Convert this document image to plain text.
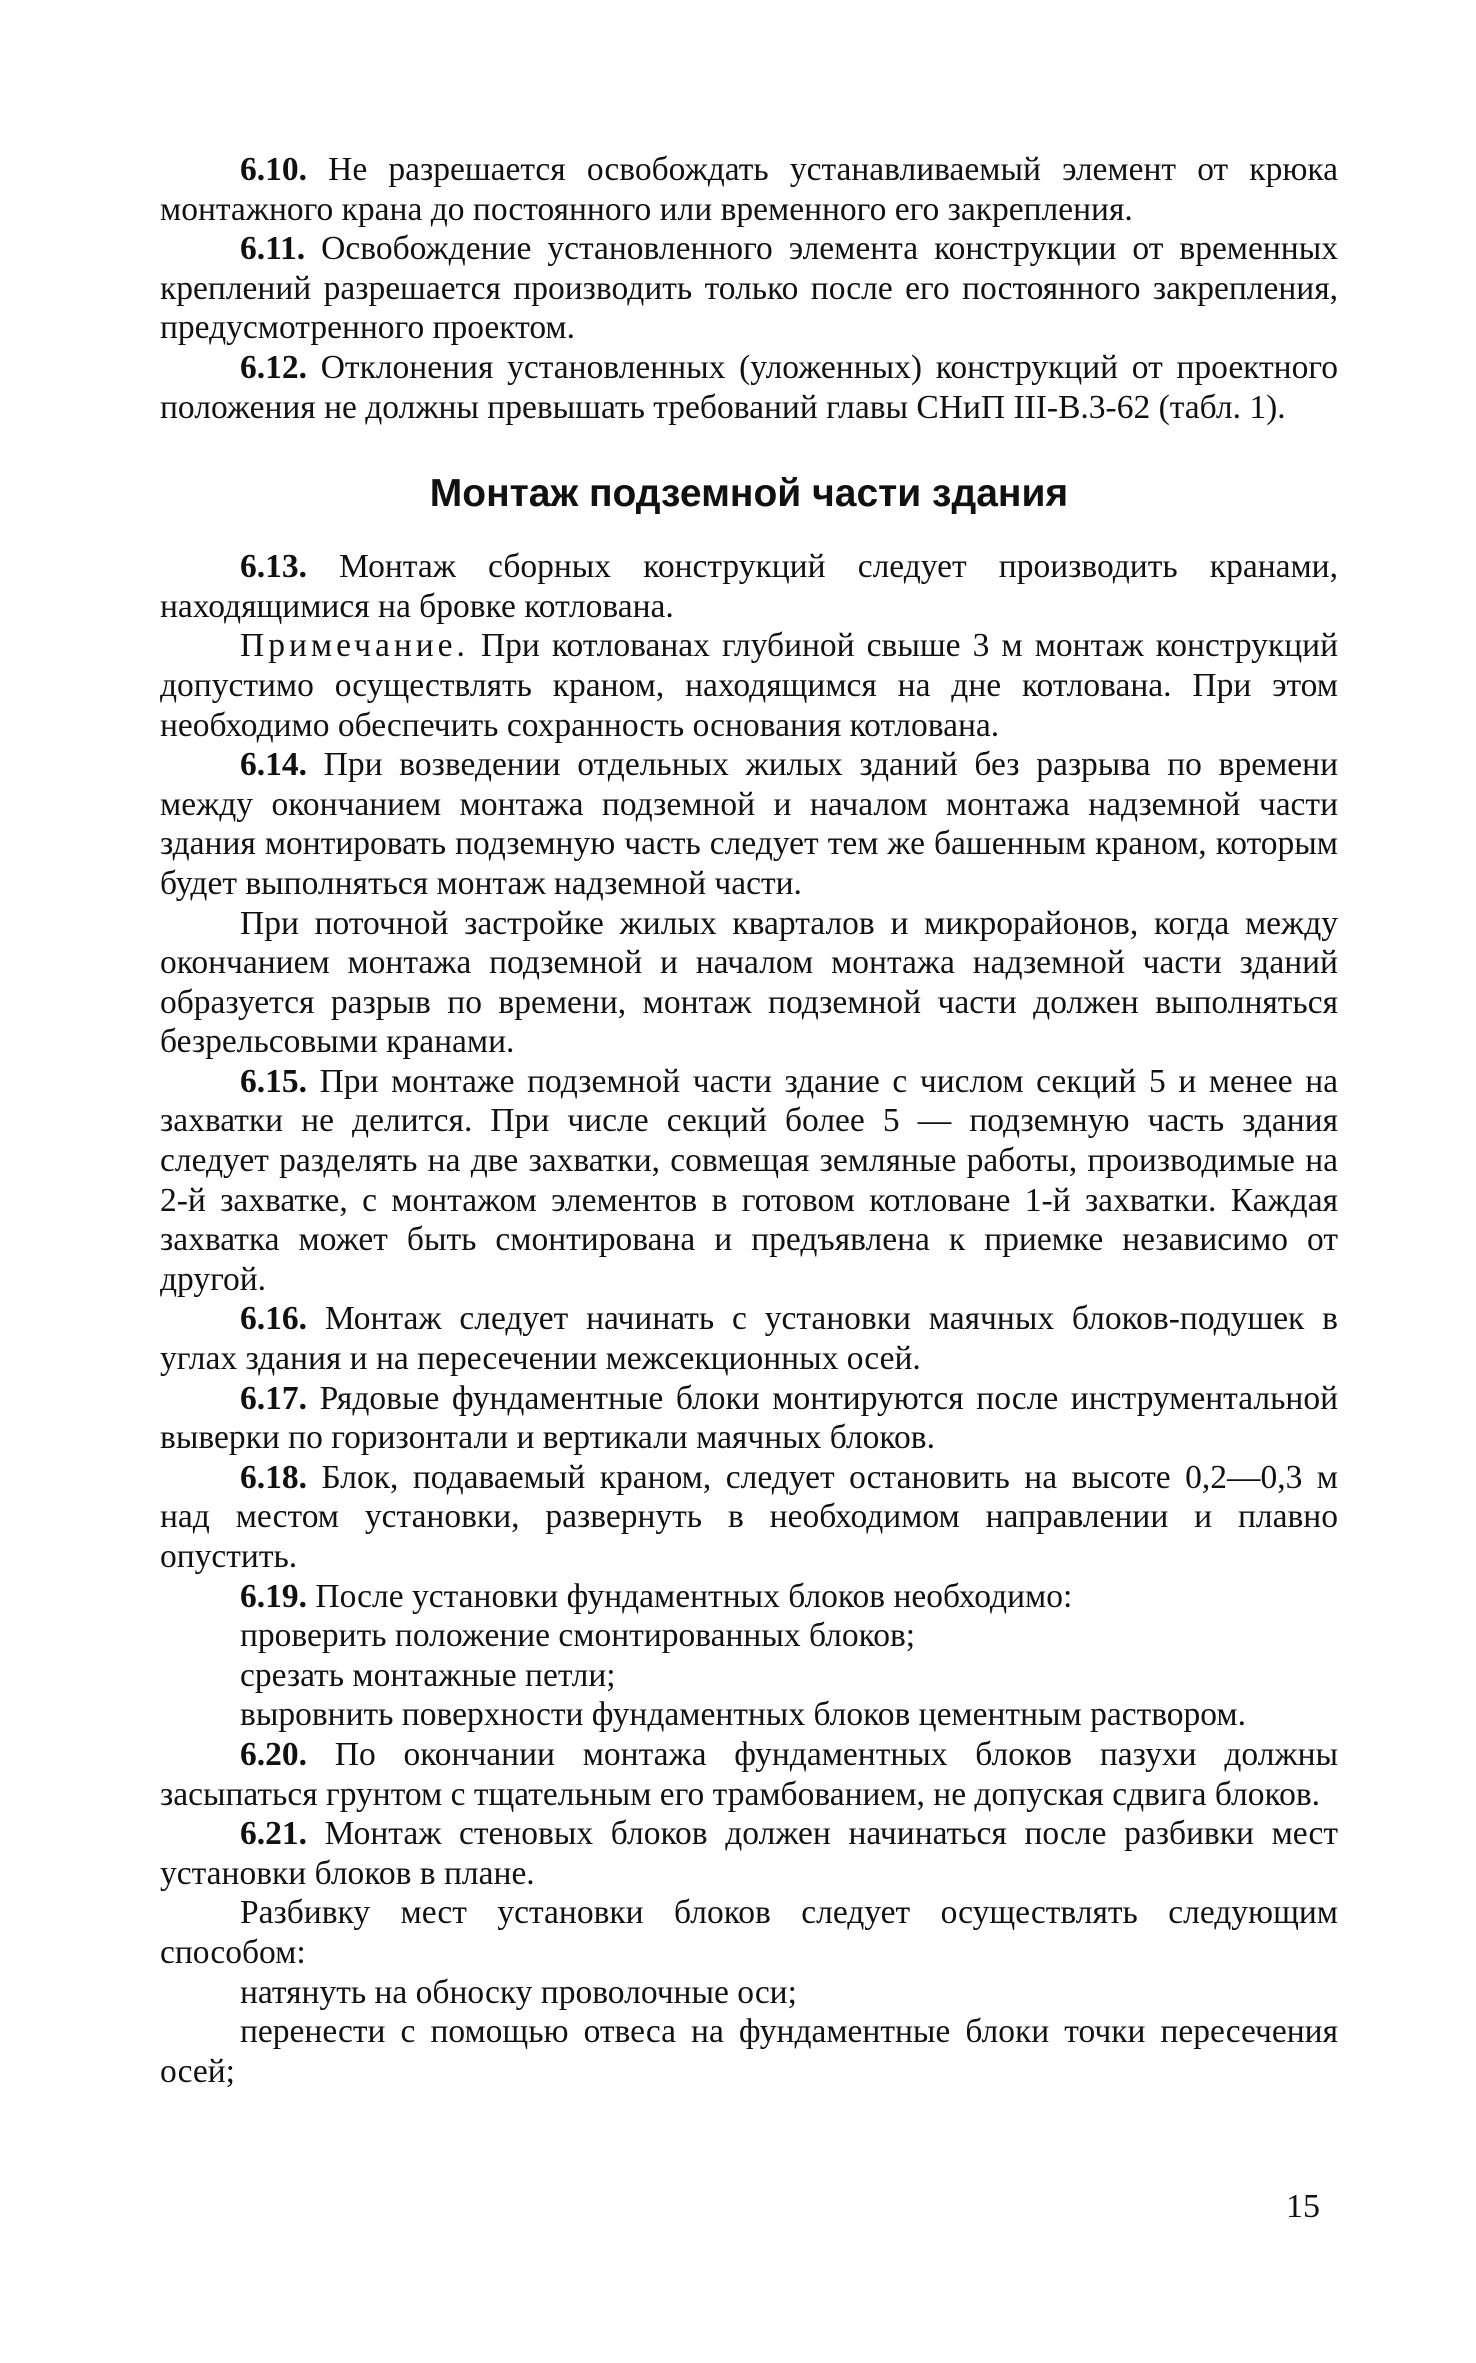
6.10. Не разрешается освобождать устанавливаемый элемент от крюка монтажного крана до постоянного или временного его закрепления.

6.11. Освобождение установленного элемента конструкции от временных креплений разрешается производить только после его постоянного закрепления, предусмотренного проектом.

6.12. Отклонения установленных (уложенных) конструкций от проектного положения не должны превышать требований главы СНиП III-В.3-62 (табл. 1).

Монтаж подземной части здания

6.13. Монтаж сборных конструкций следует производить кранами, находящимися на бровке котлована.

Примечание. При котлованах глубиной свыше 3 м монтаж конструкций допустимо осуществлять краном, находящимся на дне котлована. При этом необходимо обеспечить сохранность основания котлована.

6.14. При возведении отдельных жилых зданий без разрыва по времени между окончанием монтажа подземной и началом монтажа надземной части здания монтировать подземную часть следует тем же башенным краном, которым будет выполняться монтаж надземной части.

При поточной застройке жилых кварталов и микрорайонов, когда между окончанием монтажа подземной и началом монтажа надземной части зданий образуется разрыв по времени, монтаж подземной части должен выполняться безрельсовыми кранами.

6.15. При монтаже подземной части здание с числом секций 5 и менее на захватки не делится. При числе секций более 5 — подземную часть здания следует разделять на две захватки, совмещая земляные работы, производимые на 2-й захватке, с монтажом элементов в готовом котловане 1-й захватки. Каждая захватка может быть смонтирована и предъявлена к приемке независимо от другой.

6.16. Монтаж следует начинать с установки маячных блоков-подушек в углах здания и на пересечении межсекционных осей.

6.17. Рядовые фундаментные блоки монтируются после инструментальной выверки по горизонтали и вертикали маячных блоков.

6.18. Блок, подаваемый краном, следует остановить на высоте 0,2—0,3 м над местом установки, развернуть в необходимом направлении и плавно опустить.

6.19. После установки фундаментных блоков необходимо:

проверить положение смонтированных блоков;

срезать монтажные петли;

выровнить поверхности фундаментных блоков цементным раствором.

6.20. По окончании монтажа фундаментных блоков пазухи должны засыпаться грунтом с тщательным его трамбованием, не допуская сдвига блоков.

6.21. Монтаж стеновых блоков должен начинаться после разбивки мест установки блоков в плане.

Разбивку мест установки блоков следует осуществлять следующим способом:

натянуть на обноску проволочные оси;

перенести с помощью отвеса на фундаментные блоки точки пересечения осей;

15
